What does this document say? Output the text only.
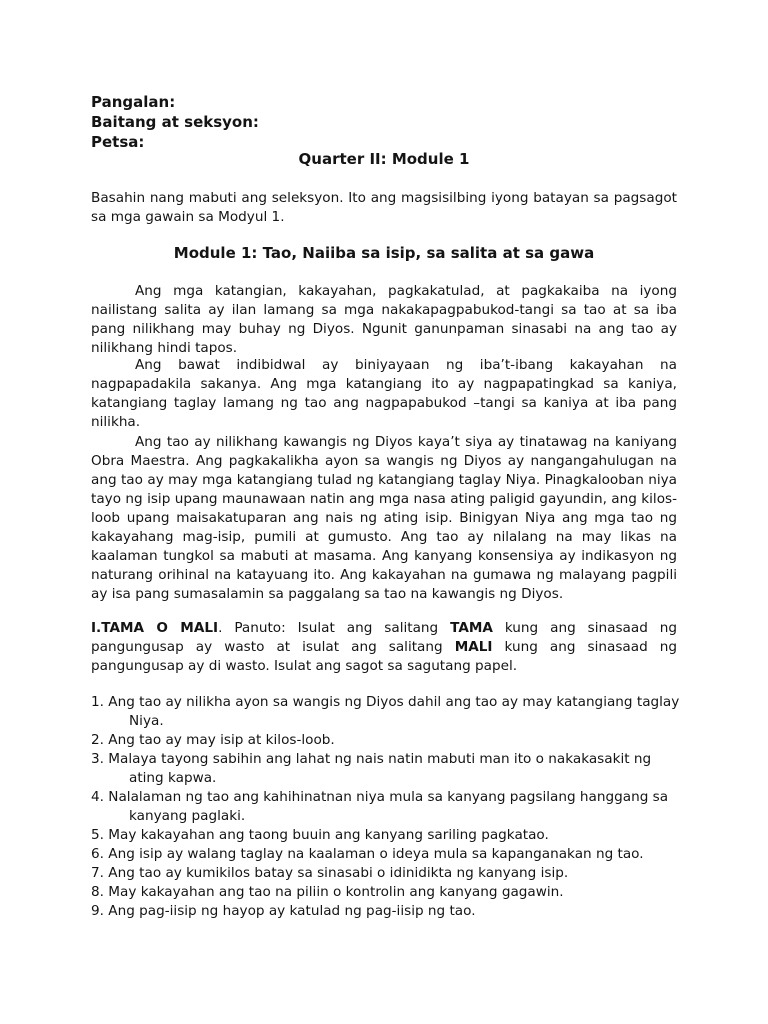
Pangalan:

Baitang at seksyon:

Petsa:

Quarter II: Module 1

Basahin nang mabuti ang seleksyon. Ito ang magsisilbing iyong batayan sa pagsagot sa mga gawain sa Modyul 1.

Module 1: Tao, Naiiba sa isip, sa salita at sa gawa

Ang mga katangian, kakayahan, pagkakatulad, at pagkakaiba na iyong nailistang salita ay ilan lamang sa mga nakakapagpabukod-tangi sa tao at sa iba pang nilikhang may buhay ng Diyos. Ngunit ganunpaman sinasabi na ang tao ay nilikhang hindi tapos.

Ang bawat indibidwal ay biniyayaan ng iba’t-ibang kakayahan na nagpapadakila sakanya. Ang mga katangiang ito ay nagpapatingkad sa kaniya, katangiang taglay lamang ng tao ang nagpapabukod –tangi sa kaniya at iba pang nilikha.

Ang tao ay nilikhang kawangis ng Diyos kaya’t siya ay tinatawag na kaniyang Obra Maestra. Ang pagkakalikha ayon sa wangis ng Diyos ay nangangahulugan na ang tao ay may mga katangiang tulad ng katangiang taglay Niya. Pinagkalooban niya tayo ng isip upang maunawaan natin ang mga nasa ating paligid gayundin, ang kilos-loob upang maisakatuparan ang nais ng ating isip. Binigyan Niya ang mga tao ng kakayahang mag-isip, pumili at gumusto. Ang tao ay nilalang na may likas na kaalaman tungkol sa mabuti at masama. Ang kanyang konsensiya ay indikasyon ng naturang orihinal na katayuang ito. Ang kakayahan na gumawa ng malayang pagpili ay isa pang sumasalamin sa paggalang sa tao na kawangis ng Diyos.

I.TAMA O MALI. Panuto: Isulat ang salitang TAMA kung ang sinasaad ng pangungusap ay wasto at isulat ang salitang MALI kung ang sinasaad ng pangungusap ay di wasto. Isulat ang sagot sa sagutang papel.

1. Ang tao ay nilikha ayon sa wangis ng Diyos dahil ang tao ay may katangiang taglay Niya.
2. Ang tao ay may isip at kilos-loob.
3. Malaya tayong sabihin ang lahat ng nais natin mabuti man ito o nakakasakit ng ating kapwa.
4. Nalalaman ng tao ang kahihinatnan niya mula sa kanyang pagsilang hanggang sa kanyang paglaki.
5. May kakayahan ang taong buuin ang kanyang sariling pagkatao.
6. Ang isip ay walang taglay na kaalaman o ideya mula sa kapanganakan ng tao.
7. Ang tao ay kumikilos batay sa sinasabi o idinidikta ng kanyang isip.
8. May kakayahan ang tao na piliin o kontrolin ang kanyang gagawin.
9. Ang pag-iisip ng hayop ay katulad ng pag-iisip ng tao.
